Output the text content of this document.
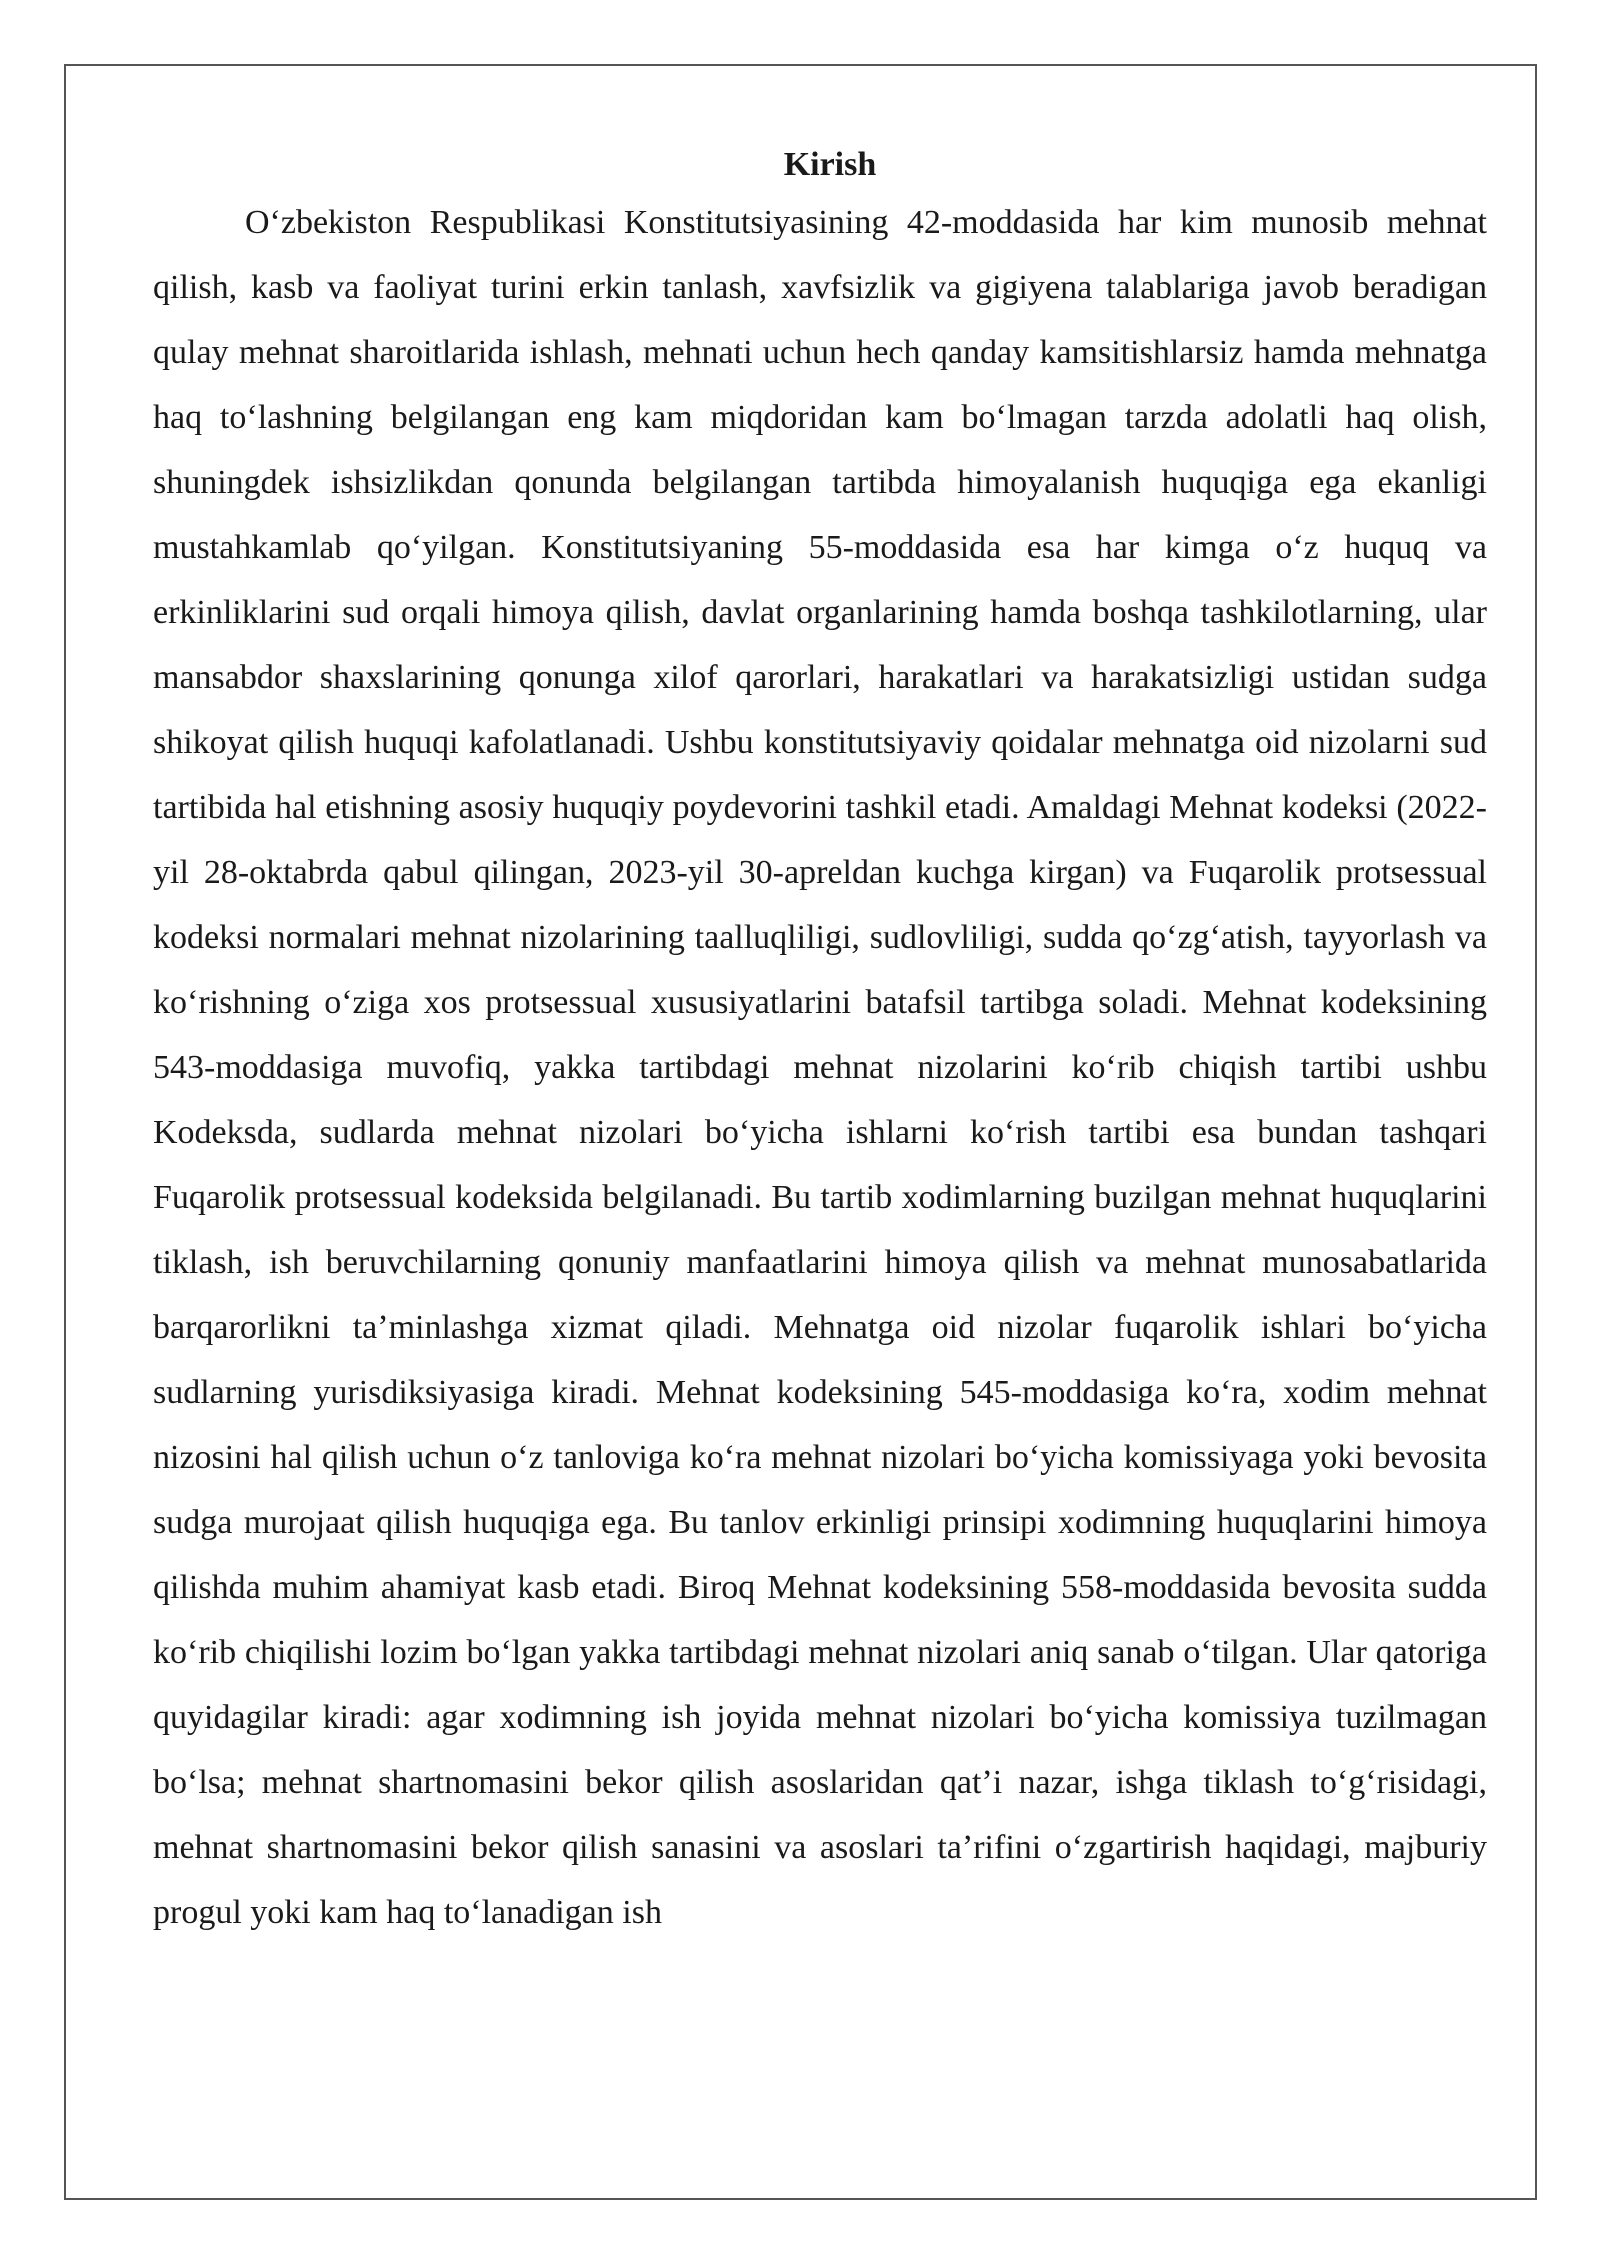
Kirish

Oʻzbekiston Respublikasi Konstitutsiyasining 42-moddasida har kim munosib mehnat qilish, kasb va faoliyat turini erkin tanlash, xavfsizlik va gigiyena talablariga javob beradigan qulay mehnat sharoitlarida ishlash, mehnati uchun hech qanday kamsitishlarsiz hamda mehnatga haq toʻlashning belgilangan eng kam miqdoridan kam boʻlmagan tarzda adolatli haq olish, shuningdek ishsizlikdan qonunda belgilangan tartibda himoyalanish huquqiga ega ekanligi mustahkamlab qoʻyilgan. Konstitutsiyaning 55-moddasida esa har kimga oʻz huquq va erkinliklarini sud orqali himoya qilish, davlat organlarining hamda boshqa tashkilotlarning, ular mansabdor shaxslarining qonunga xilof qarorlari, harakatlari va harakatsizligi ustidan sudga shikoyat qilish huquqi kafolatlanadi. Ushbu konstitutsiyaviy qoidalar mehnatga oid nizolarni sud tartibida hal etishning asosiy huquqiy poydevorini tashkil etadi. Amaldagi Mehnat kodeksi (2022-yil 28-oktabrda qabul qilingan, 2023-yil 30-apreldan kuchga kirgan) va Fuqarolik protsessual kodeksi normalari mehnat nizolarining taalluqliligi, sudlovliligi, sudda qoʻzgʻatish, tayyorlash va koʻrishning oʻziga xos protsessual xususiyatlarini batafsil tartibga soladi. Mehnat kodeksining 543-moddasiga muvofiq, yakka tartibdagi mehnat nizolarini koʻrib chiqish tartibi ushbu Kodeksda, sudlarda mehnat nizolari boʻyicha ishlarni koʻrish tartibi esa bundan tashqari Fuqarolik protsessual kodeksida belgilanadi. Bu tartib xodimlarning buzilgan mehnat huquqlarini tiklash, ish beruvchilarning qonuniy manfaatlarini himoya qilish va mehnat munosabatlarida barqarorlikni taʼminlashga xizmat qiladi. Mehnatga oid nizolar fuqarolik ishlari boʻyicha sudlarning yurisdiksiyasiga kiradi. Mehnat kodeksining 545-moddasiga koʻra, xodim mehnat nizosini hal qilish uchun oʻz tanloviga koʻra mehnat nizolari boʻyicha komissiyaga yoki bevosita sudga murojaat qilish huquqiga ega. Bu tanlov erkinligi prinsipi xodimning huquqlarini himoya qilishda muhim ahamiyat kasb etadi. Biroq Mehnat kodeksining 558-moddasida bevosita sudda koʻrib chiqilishi lozim boʻlgan yakka tartibdagi mehnat nizolari aniq sanab oʻtilgan. Ular qatoriga quyidagilar kiradi: agar xodimning ish joyida mehnat nizolari boʻyicha komissiya tuzilmagan boʻlsa; mehnat shartnomasini bekor qilish asoslaridan qatʼi nazar, ishga tiklash toʻgʻrisidagi, mehnat shartnomasini bekor qilish sanasini va asoslari taʼrifini oʻzgartirish haqidagi, majburiy progul yoki kam haq toʻlanadigan ish
